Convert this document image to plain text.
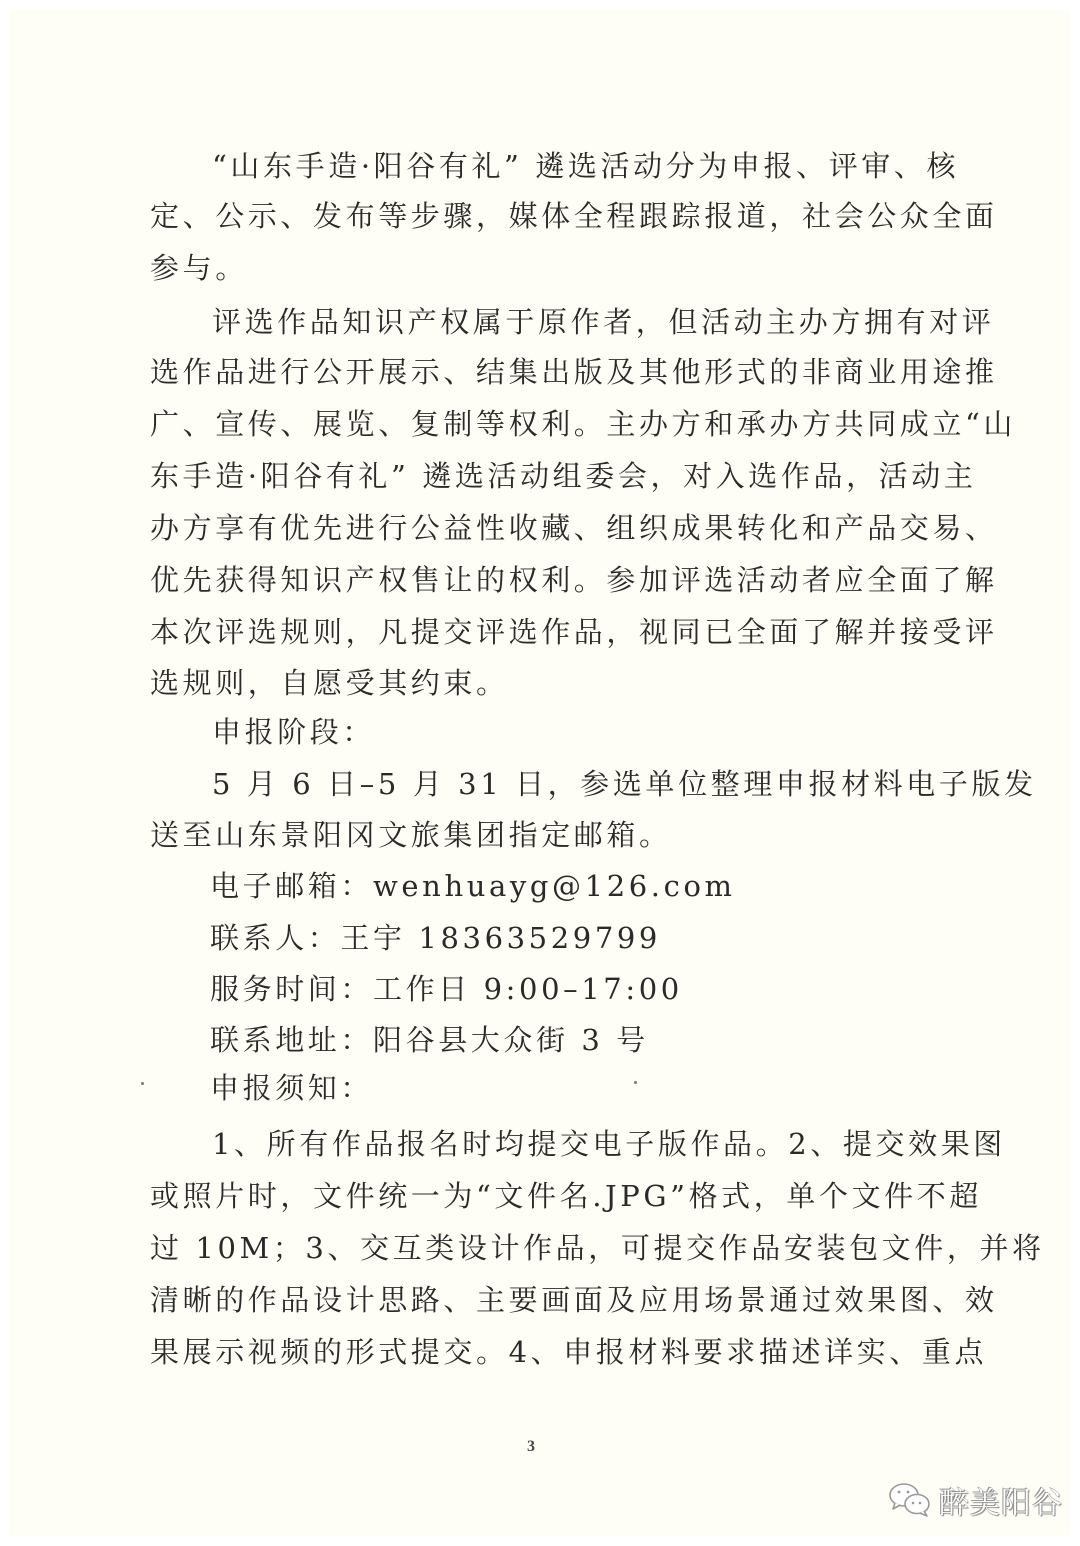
“山东手造·阳谷有礼” 遴选活动分为申报、评审、核
定、公示、发布等步骤，媒体全程跟踪报道，社会公众全面
参与。
评选作品知识产权属于原作者，但活动主办方拥有对评
选作品进行公开展示、结集出版及其他形式的非商业用途推
广、宣传、展览、复制等权利。主办方和承办方共同成立“山
东手造·阳谷有礼” 遴选活动组委会，对入选作品，活动主
办方享有优先进行公益性收藏、组织成果转化和产品交易、
优先获得知识产权售让的权利。参加评选活动者应全面了解
本次评选规则，凡提交评选作品，视同已全面了解并接受评
选规则，自愿受其约束。
申报阶段：
5 月 6 日–5 月 31 日，参选单位整理申报材料电子版发
送至山东景阳冈文旅集团指定邮箱。
电子邮箱：wenhuayg@126.com
联系人：王宇 18363529799
服务时间：工作日 9:00–17:00
联系地址：阳谷县大众街 3 号
申报须知：
1、所有作品报名时均提交电子版作品。2、提交效果图
或照片时，文件统一为“文件名.JPG”格式，单个文件不超
过 10M；3、交互类设计作品，可提交作品安装包文件，并将
清晰的作品设计思路、主要画面及应用场景通过效果图、效
果展示视频的形式提交。4、申报材料要求描述详实、重点
3
醉美阳谷
